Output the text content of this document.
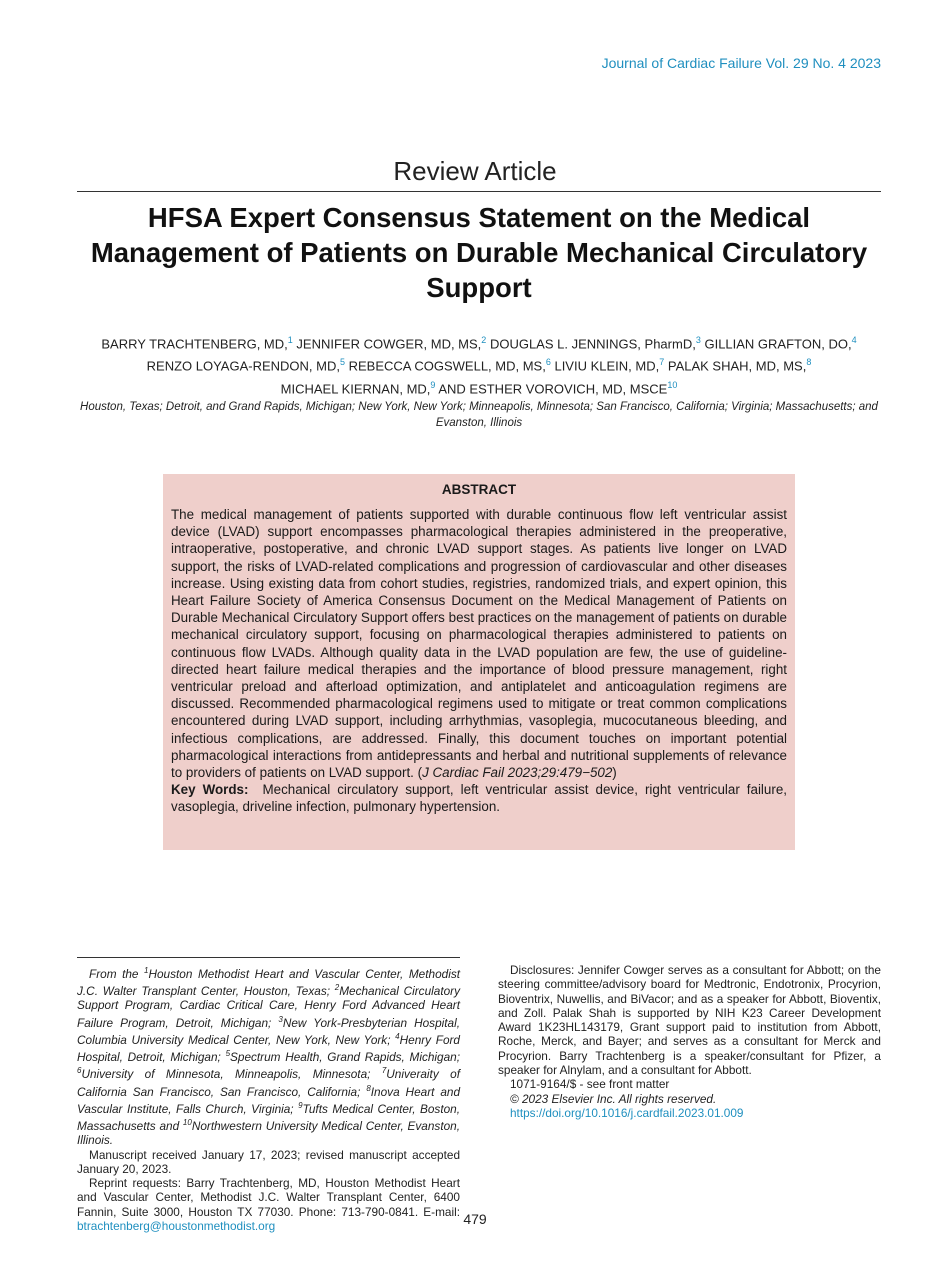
Journal of Cardiac Failure Vol. 29 No. 4 2023
Review Article
HFSA Expert Consensus Statement on the Medical Management of Patients on Durable Mechanical Circulatory Support
BARRY TRACHTENBERG, MD,$^1$ JENNIFER COWGER, MD, MS,$^2$ DOUGLAS L. JENNINGS, PharmD,$^3$ GILLIAN GRAFTON, DO,$^4$
RENZO LOYAGA-RENDON, MD,$^5$ REBECCA COGSWELL, MD, MS,$^6$ LIVIU KLEIN, MD,$^7$ PALAK SHAH, MD, MS,$^8$
MICHAEL KIERNAN, MD,$^9$ AND ESTHER VOROVICH, MD, MSCE$^{10}$
Houston, Texas; Detroit, and Grand Rapids, Michigan; New York, New York; Minneapolis, Minnesota; San Francisco, California; Virginia; Massachusetts; and Evanston, Illinois
ABSTRACT
The medical management of patients supported with durable continuous flow left ventricular assist device (LVAD) support encompasses pharmacological therapies administered in the preoperative, intraoperative, postoperative, and chronic LVAD support stages. As patients live longer on LVAD support, the risks of LVAD-related complications and progression of cardiovascular and other diseases increase. Using existing data from cohort studies, registries, randomized trials, and expert opinion, this Heart Failure Society of America Consensus Document on the Medical Management of Patients on Durable Mechanical Circulatory Support offers best practices on the management of patients on durable mechanical circulatory support, focusing on pharmacological therapies administered to patients on continuous flow LVADs. Although quality data in the LVAD population are few, the use of guideline-directed heart failure medical therapies and the importance of blood pressure management, right ventricular preload and afterload optimization, and antiplatelet and anticoagulation regimens are discussed. Recommended pharmacological regimens used to mitigate or treat common complications encountered during LVAD support, including arrhythmias, vasoplegia, mucocutaneous bleeding, and infectious complications, are addressed. Finally, this document touches on important potential pharmacological interactions from antidepressants and herbal and nutritional supplements of relevance to providers of patients on LVAD support. (J Cardiac Fail 2023;29:479−502)
Key Words: Mechanical circulatory support, left ventricular assist device, right ventricular failure, vasoplegia, driveline infection, pulmonary hypertension.

From the $^1$Houston Methodist Heart and Vascular Center, Methodist J.C. Walter Transplant Center, Houston, Texas; $^2$Mechanical Circulatory Support Program, Cardiac Critical Care, Henry Ford Advanced Heart Failure Program, Detroit, Michigan; $^3$New York-Presbyterian Hospital, Columbia University Medical Center, New York, New York; $^4$Henry Ford Hospital, Detroit, Michigan; $^5$Spectrum Health, Grand Rapids, Michigan; $^6$University of Minnesota, Minneapolis, Minnesota; $^7$Univeraity of California San Francisco, San Francisco, California; $^8$Inova Heart and Vascular Institute, Falls Church, Virginia; $^9$Tufts Medical Center, Boston, Massachusetts and $^{10}$Northwestern University Medical Center, Evanston, Illinois.

Manuscript received January 17, 2023; revised manuscript accepted January 20, 2023.

Reprint requests: Barry Trachtenberg, MD, Houston Methodist Heart and Vascular Center, Methodist J.C. Walter Transplant Center, 6400 Fannin, Suite 3000, Houston TX 77030. Phone: 713-790-0841. E-mail: btrachtenberg@houstonmethodist.org

Disclosures: Jennifer Cowger serves as a consultant for Abbott; on the steering committee/advisory board for Medtronic, Endotronix, Procyrion, Bioventrix, Nuwellis, and BiVacor; and as a speaker for Abbott, Bioventix, and Zoll. Palak Shah is supported by NIH K23 Career Development Award 1K23HL143179, Grant support paid to institution from Abbott, Roche, Merck, and Bayer; and serves as a consultant for Merck and Procyrion. Barry Trachtenberg is a speaker/consultant for Pfizer, a speaker for Alnylam, and a consultant for Abbott.

1071-9164/$ - see front matter

© 2023 Elsevier Inc. All rights reserved.

https://doi.org/10.1016/j.cardfail.2023.01.009

479
